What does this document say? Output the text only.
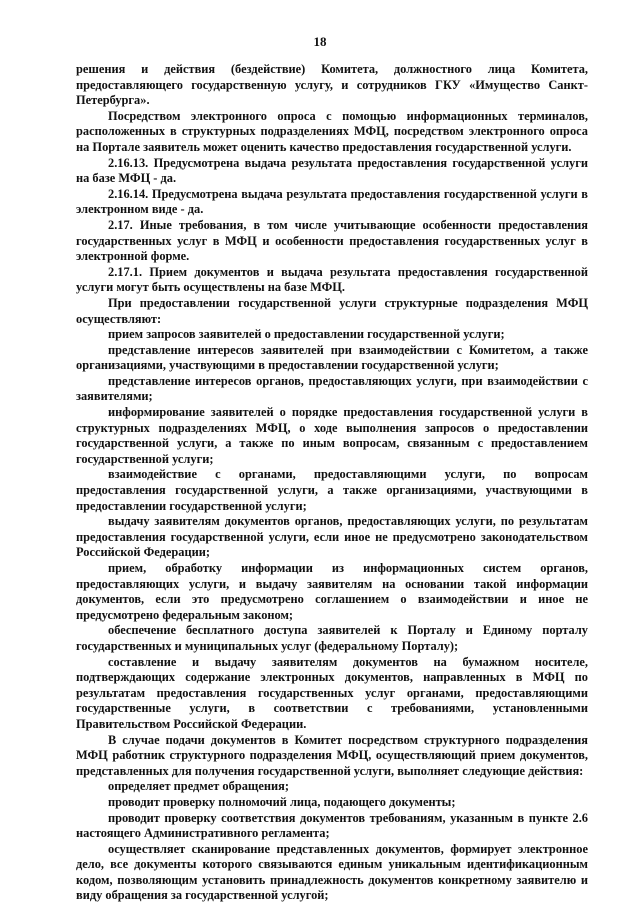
18

решения и действия (бездействие) Комитета, должностного лица Комитета, предоставляющего государственную услугу, и сотрудников ГКУ «Имущество Санкт-Петербурга».

Посредством электронного опроса с помощью информационных терминалов, расположенных в структурных подразделениях МФЦ, посредством электронного опроса на Портале заявитель может оценить качество предоставления государственной услуги.

2.16.13. Предусмотрена выдача результата предоставления государственной услуги на базе МФЦ - да.

2.16.14. Предусмотрена выдача результата предоставления государственной услуги в электронном виде - да.

2.17. Иные требования, в том числе учитывающие особенности предоставления государственных услуг в МФЦ и особенности предоставления государственных услуг в электронной форме.

2.17.1. Прием документов и выдача результата предоставления государственной услуги могут быть осуществлены на базе МФЦ.

При предоставлении государственной услуги структурные подразделения МФЦ осуществляют:

прием запросов заявителей о предоставлении государственной услуги;

представление интересов заявителей при взаимодействии с Комитетом, а также организациями, участвующими в предоставлении государственной услуги;

представление интересов органов, предоставляющих услуги, при взаимодействии с заявителями;

информирование заявителей о порядке предоставления государственной услуги в структурных подразделениях МФЦ, о ходе выполнения запросов о предоставлении государственной услуги, а также по иным вопросам, связанным с предоставлением государственной услуги;

взаимодействие с органами, предоставляющими услуги, по вопросам предоставления государственной услуги, а также организациями, участвующими в предоставлении государственной услуги;

выдачу заявителям документов органов, предоставляющих услуги, по результатам предоставления государственной услуги, если иное не предусмотрено законодательством Российской Федерации;

прием, обработку информации из информационных систем органов, предоставляющих услуги, и выдачу заявителям на основании такой информации документов, если это предусмотрено соглашением о взаимодействии и иное не предусмотрено федеральным законом;

обеспечение бесплатного доступа заявителей к Порталу и Единому порталу государственных и муниципальных услуг (федеральному Порталу);

составление и выдачу заявителям документов на бумажном носителе, подтверждающих содержание электронных документов, направленных в МФЦ по результатам предоставления государственных услуг органами, предоставляющими государственные услуги, в соответствии с требованиями, установленными Правительством Российской Федерации.

В случае подачи документов в Комитет посредством структурного подразделения МФЦ работник структурного подразделения МФЦ, осуществляющий прием документов, представленных для получения государственной услуги, выполняет следующие действия:

определяет предмет обращения;

проводит проверку полномочий лица, подающего документы;

проводит проверку соответствия документов требованиям, указанным в пункте 2.6 настоящего Административного регламента;

осуществляет сканирование представленных документов, формирует электронное дело, все документы которого связываются единым уникальным идентификационным кодом, позволяющим установить принадлежность документов конкретному заявителю и виду обращения за государственной услугой;
